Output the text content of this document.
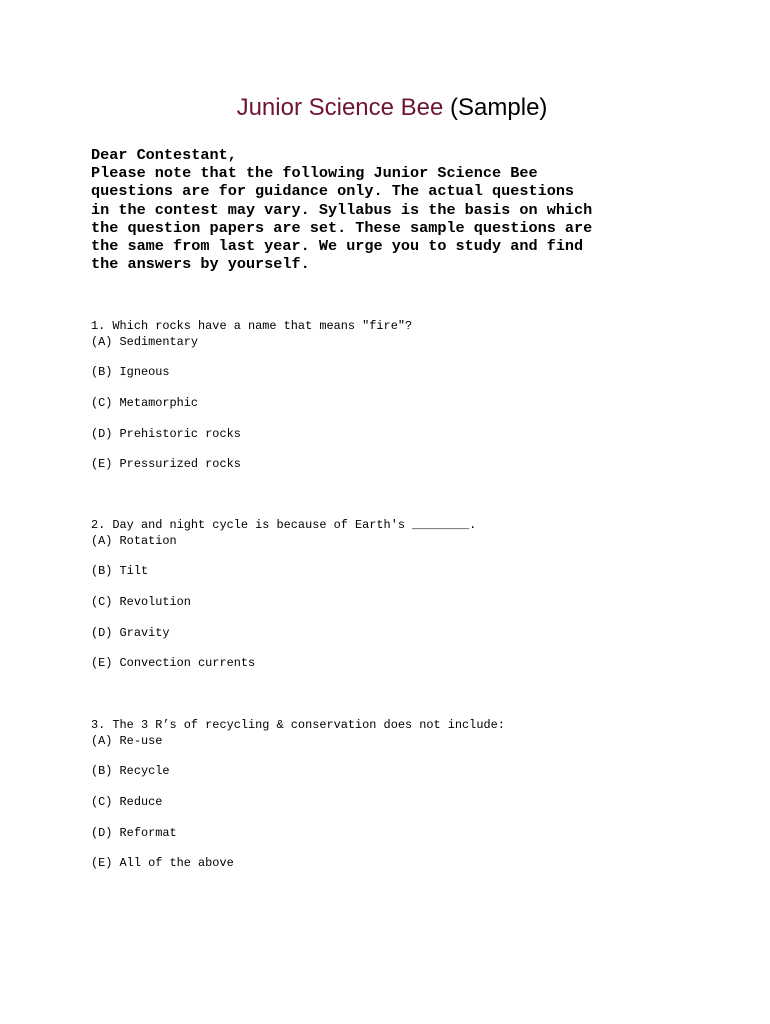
Junior Science Bee (Sample)
Dear Contestant,
Please note that the following Junior Science Bee
questions are for guidance only. The actual questions
in the contest may vary. Syllabus is the basis on which
the question papers are set. These sample questions are
the same from last year. We urge you to study and find
the answers by yourself.
1. Which rocks have a name that means "fire"?
(A) Sedimentary
(B) Igneous
(C) Metamorphic
(D) Prehistoric rocks
(E) Pressurized rocks
2. Day and night cycle is because of Earth's ________.
(A) Rotation
(B) Tilt
(C) Revolution
(D) Gravity
(E) Convection currents
3. The 3 R’s of recycling & conservation does not include:
(A) Re-use
(B) Recycle
(C) Reduce
(D) Reformat
(E) All of the above
